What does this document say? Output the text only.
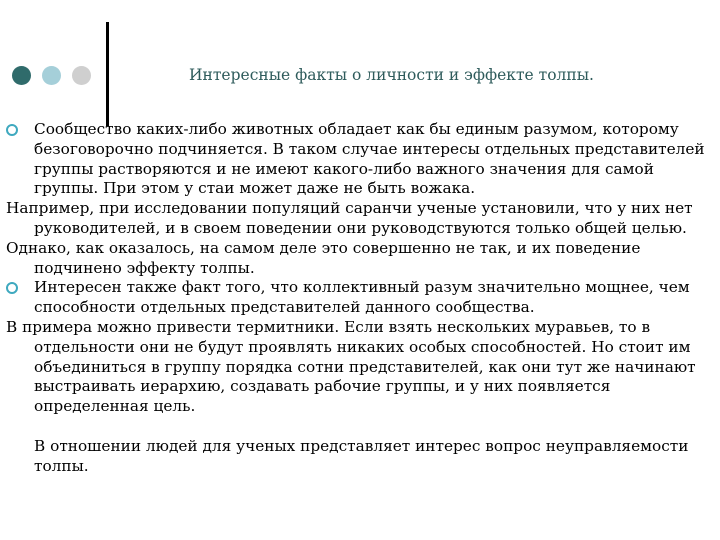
Интересные факты о личности и эффекте толпы.

Сообщество каких-либо животных обладает как бы единым разумом, которому безоговорочно подчиняется. В таком случае интересы отдельных представителей группы растворяются и не имеют какого-либо важного значения для самой группы. При этом у стаи может даже не быть вожака.

Например, при исследовании популяций саранчи ученые установили, что у них нет руководителей, и в своем поведении они руководствуются только общей целью.

Однако, как оказалось, на самом деле это совершенно не так, и их поведение подчинено эффекту толпы.

Интересен также факт того, что коллективный разум значительно мощнее, чем способности отдельных представителей данного сообщества.

В примера можно привести термитники. Если взять нескольких муравьев, то в отдельности они не будут проявлять никаких особых способностей. Но стоит им объединиться в группу порядка сотни представителей, как они тут же начинают выстраивать иерархию, создавать рабочие группы, и у них появляется определенная цель.

В отношении людей для ученых представляет интерес вопрос неуправляемости толпы.
